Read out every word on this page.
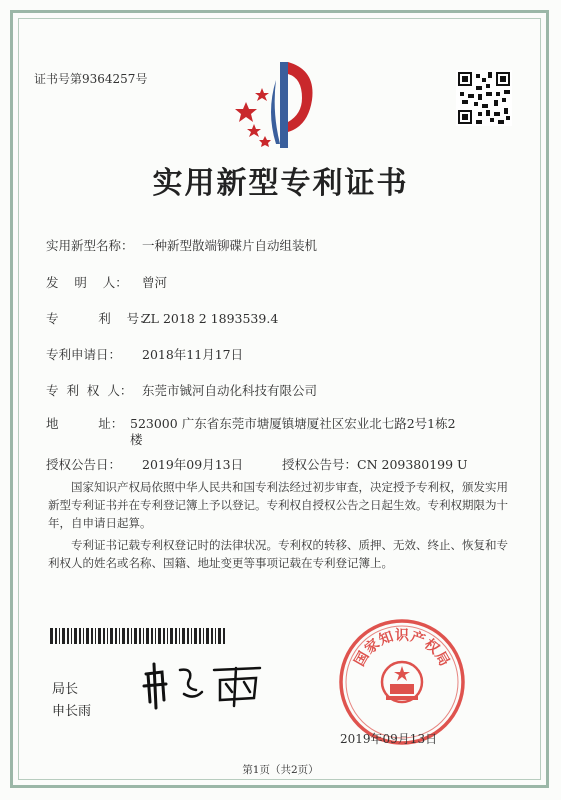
证书号第9364257号
实用新型专利证书
实用新型名称： 一种新型散端铆碟片自动组装机
发    明    人： 曾河
专          利    号：ZL 2018 2 1893539.4
专利申请日： 2018年11月17日
专  利  权  人： 东莞市铖河自动化科技有限公司
地          址： 523000 广东省东莞市塘厦镇塘厦社区宏业北七路2号1栋2
楼
授权公告日： 2019年09月13日	授权公告号：CN 209380199 U
国家知识产权局依照中华人民共和国专利法经过初步审查，决定授予专利权，颁发实用
新型专利证书并在专利登记簿上予以登记。专利权自授权公告之日起生效。专利权期限为十
年，自申请日起算。
专利证书记载专利权登记时的法律状况。专利权的转移、质押、无效、终止、恢复和专
利权人的姓名或名称、国籍、地址变更等事项记载在专利登记簿上。
局长
申长雨
国
家
知 识 产
权
局
2019年09月13日
第1页（共2页）
